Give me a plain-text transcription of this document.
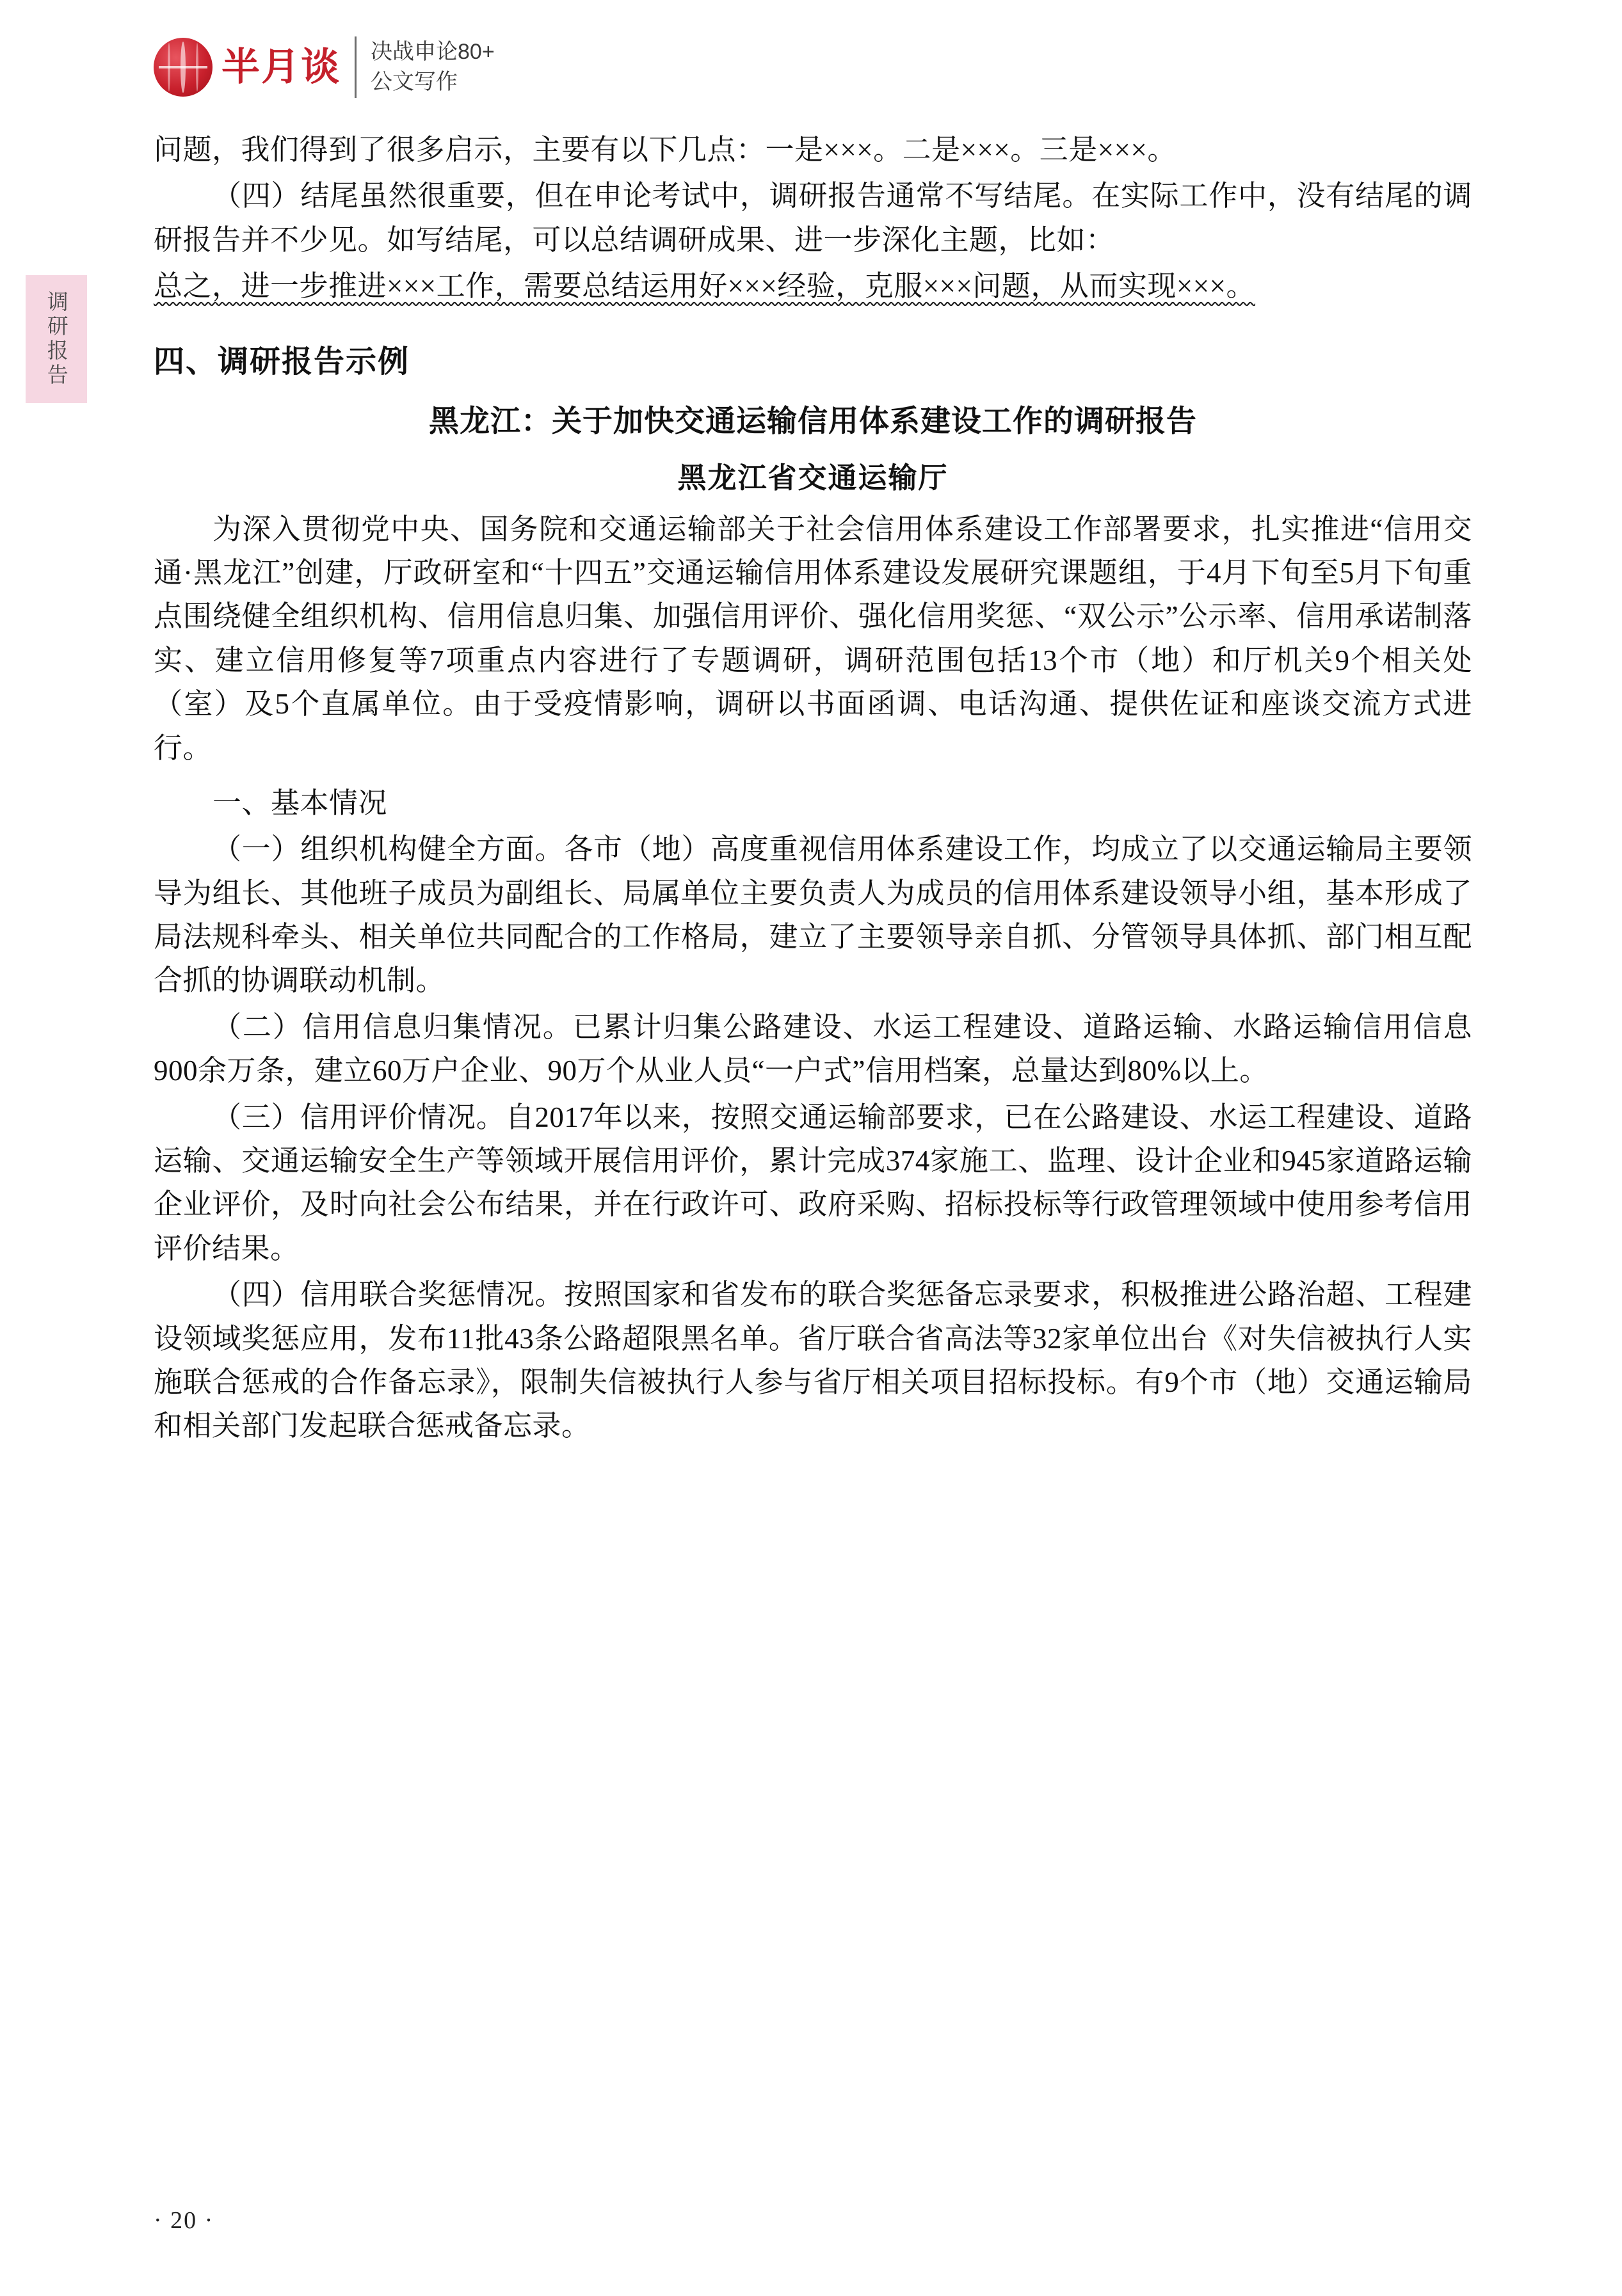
半月谈 决战申论80+
公文写作
调研报告

问题，我们得到了很多启示，主要有以下几点：一是×××。二是×××。三是×××。

（四）结尾虽然很重要，但在申论考试中，调研报告通常不写结尾。在实际工作中，没有结尾的调研报告并不少见。如写结尾，可以总结调研成果、进一步深化主题，比如：

总之，进一步推进×××工作，需要总结运用好×××经验，克服×××问题，从而实现×××。

四、调研报告示例
黑龙江：关于加快交通运输信用体系建设工作的调研报告
黑龙江省交通运输厅

为深入贯彻党中央、国务院和交通运输部关于社会信用体系建设工作部署要求，扎实推进“信用交通·黑龙江”创建，厅政研室和“十四五”交通运输信用体系建设发展研究课题组，于4月下旬至5月下旬重点围绕健全组织机构、信用信息归集、加强信用评价、强化信用奖惩、“双公示”公示率、信用承诺制落实、建立信用修复等7项重点内容进行了专题调研，调研范围包括13个市（地）和厅机关9个相关处（室）及5个直属单位。由于受疫情影响，调研以书面函调、电话沟通、提供佐证和座谈交流方式进行。

一、基本情况

（一）组织机构健全方面。各市（地）高度重视信用体系建设工作，均成立了以交通运输局主要领导为组长、其他班子成员为副组长、局属单位主要负责人为成员的信用体系建设领导小组，基本形成了局法规科牵头、相关单位共同配合的工作格局，建立了主要领导亲自抓、分管领导具体抓、部门相互配合抓的协调联动机制。

（二）信用信息归集情况。已累计归集公路建设、水运工程建设、道路运输、水路运输信用信息900余万条，建立60万户企业、90万个从业人员“一户式”信用档案，总量达到80%以上。

（三）信用评价情况。自2017年以来，按照交通运输部要求，已在公路建设、水运工程建设、道路运输、交通运输安全生产等领域开展信用评价，累计完成374家施工、监理、设计企业和945家道路运输企业评价，及时向社会公布结果，并在行政许可、政府采购、招标投标等行政管理领域中使用参考信用评价结果。

（四）信用联合奖惩情况。按照国家和省发布的联合奖惩备忘录要求，积极推进公路治超、工程建设领域奖惩应用，发布11批43条公路超限黑名单。省厅联合省高法等32家单位出台《对失信被执行人实施联合惩戒的合作备忘录》，限制失信被执行人参与省厅相关项目招标投标。有9个市（地）交通运输局和相关部门发起联合惩戒备忘录。

· 20 ·
